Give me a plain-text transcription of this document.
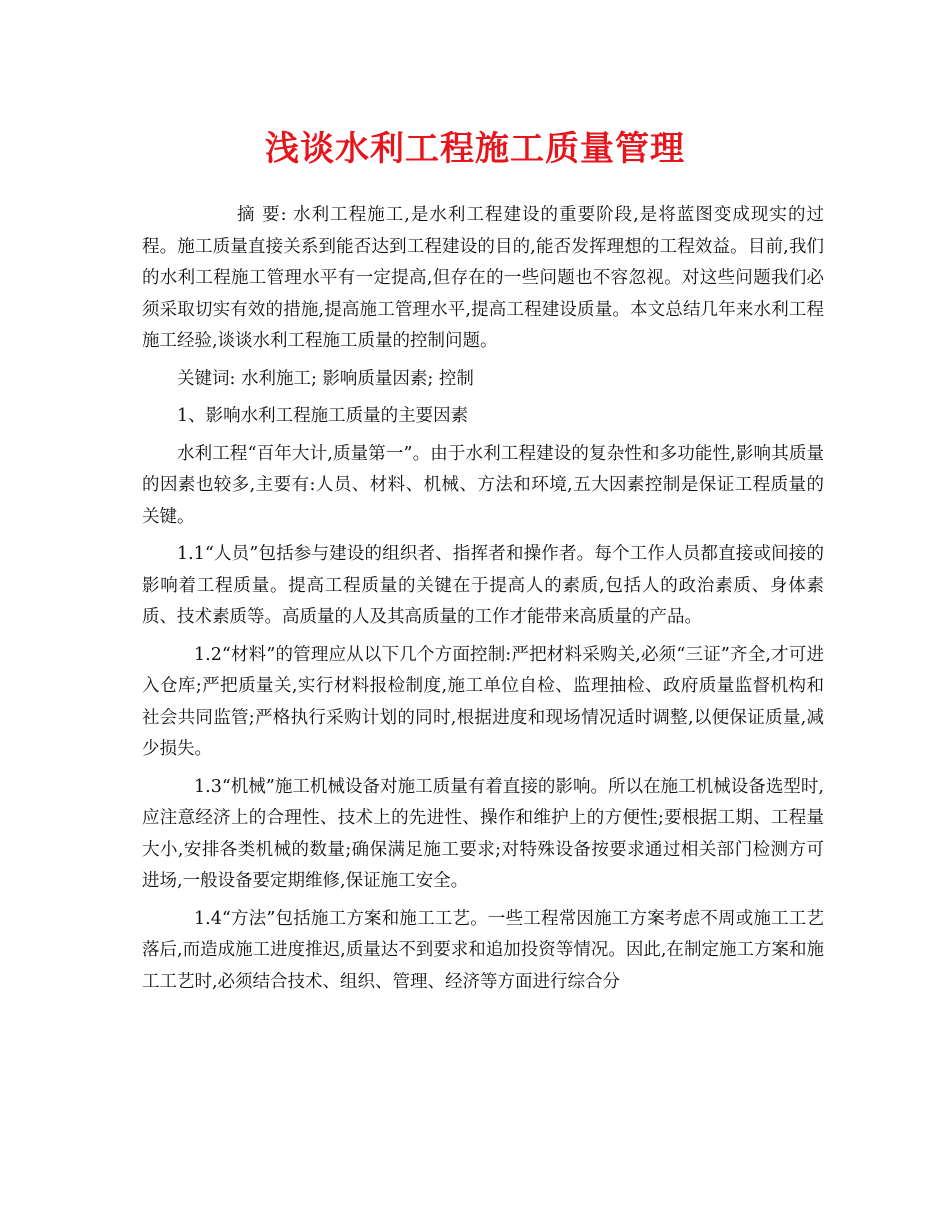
浅谈水利工程施工质量管理

摘 要: 水利工程施工,是水利工程建设的重要阶段,是将蓝图变成现实的过程。施工质量直接关系到能否达到工程建设的目的,能否发挥理想的工程效益。目前,我们的水利工程施工管理水平有一定提高,但存在的一些问题也不容忽视。对这些问题我们必须采取切实有效的措施,提高施工管理水平,提高工程建设质量。本文总结几年来水利工程施工经验,谈谈水利工程施工质量的控制问题。

关键词: 水利施工; 影响质量因素; 控制

1、影响水利工程施工质量的主要因素

水利工程“百年大计,质量第一”。由于水利工程建设的复杂性和多功能性,影响其质量的因素也较多,主要有:人员、材料、机械、方法和环境,五大因素控制是保证工程质量的关键。

1.1“人员”包括参与建设的组织者、指挥者和操作者。每个工作人员都直接或间接的影响着工程质量。提高工程质量的关键在于提高人的素质,包括人的政治素质、身体素质、技术素质等。高质量的人及其高质量的工作才能带来高质量的产品。

1.2“材料”的管理应从以下几个方面控制:严把材料采购关,必须“三证”齐全,才可进入仓库;严把质量关,实行材料报检制度,施工单位自检、监理抽检、政府质量监督机构和社会共同监管;严格执行采购计划的同时,根据进度和现场情况适时调整,以便保证质量,减少损失。

1.3“机械”施工机械设备对施工质量有着直接的影响。所以在施工机械设备选型时,应注意经济上的合理性、技术上的先进性、操作和维护上的方便性;要根据工期、工程量大小,安排各类机械的数量;确保满足施工要求;对特殊设备按要求通过相关部门检测方可进场,一般设备要定期维修,保证施工安全。

1.4“方法”包括施工方案和施工工艺。一些工程常因施工方案考虑不周或施工工艺落后,而造成施工进度推迟,质量达不到要求和追加投资等情况。因此,在制定施工方案和施工工艺时,必须结合技术、组织、管理、经济等方面进行综合分
